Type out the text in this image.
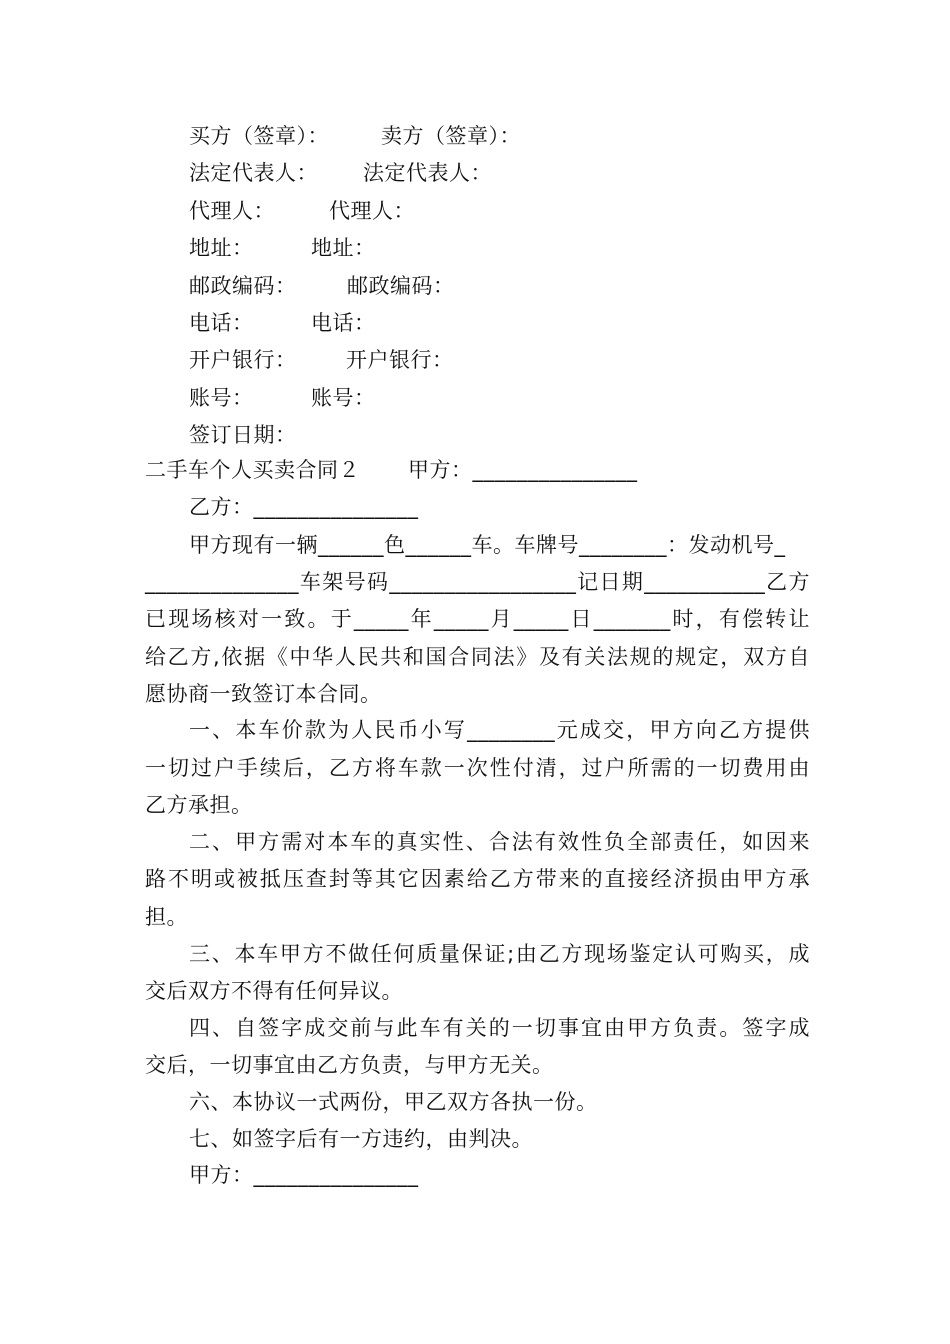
买方（签章）： 卖方（签章）：
法定代表人： 法定代表人：
代理人：	代理人：
地址：	地址：
邮政编码： 邮政编码：
电话：	电话：
开户银行： 开户银行：
账号：	账号：
签订日期：
二手车个人买卖合同２ 甲方：_______________
乙方：_______________
甲方现有一辆______色______车。车牌号________：发动机号_
______________车架号码_________________记日期___________乙方
已现场核对一致。于_____年_____月_____日_______时，有偿转让
给乙方,依据《中华人民共和国合同法》及有关法规的规定，双方自
愿协商一致签订本合同。
一、本车价款为人民币小写________元成交，甲方向乙方提供
一切过户手续后，乙方将车款一次性付清，过户所需的一切费用由
乙方承担。
二、甲方需对本车的真实性、合法有效性负全部责任，如因来
路不明或被抵压查封等其它因素给乙方带来的直接经济损由甲方承
担。
三、本车甲方不做任何质量保证;由乙方现场鉴定认可购买，成
交后双方不得有任何异议。
四、自签字成交前与此车有关的一切事宜由甲方负责。签字成
交后，一切事宜由乙方负责，与甲方无关。
六、本协议一式两份，甲乙双方各执一份。
七、如签字后有一方违约，由判决。
甲方：_______________
